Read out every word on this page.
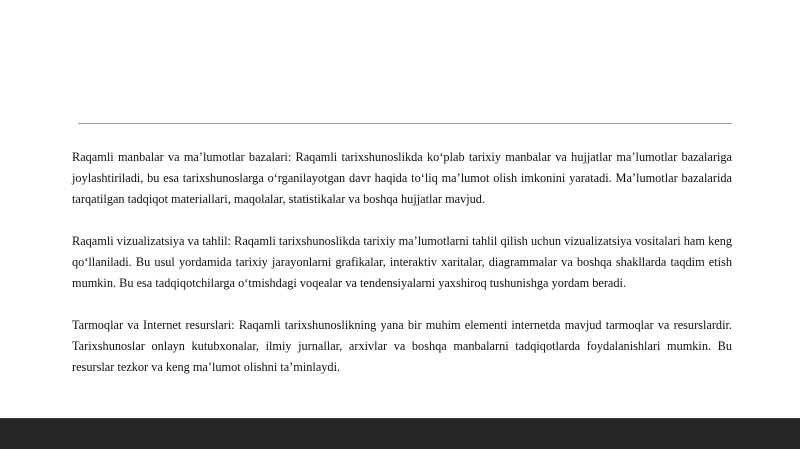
Raqamli manbalar va ma’lumotlar bazalari: Raqamli tarixshunoslikda ko‘plab tarixiy manbalar va hujjatlar ma’lumotlar bazalariga joylashtiriladi, bu esa tarixshunoslarga o‘rganilayotgan davr haqida to‘liq ma’lumot olish imkonini yaratadi. Ma’lumotlar bazalarida tarqatilgan tadqiqot materiallari, maqolalar, statistikalar va boshqa hujjatlar mavjud.

Raqamli vizualizatsiya va tahlil: Raqamli tarixshunoslikda tarixiy ma’lumotlarni tahlil qilish uchun vizualizatsiya vositalari ham keng qo‘llaniladi. Bu usul yordamida tarixiy jarayonlarni grafikalar, interaktiv xaritalar, diagrammalar va boshqa shakllarda taqdim etish mumkin. Bu esa tadqiqotchilarga o‘tmishdagi voqealar va tendensiyalarni yaxshiroq tushunishga yordam beradi.

Tarmoqlar va Internet resurslari: Raqamli tarixshunoslikning yana bir muhim elementi internetda mavjud tarmoqlar va resurslardir. Tarixshunoslar onlayn kutubxonalar, ilmiy jurnallar, arxivlar va boshqa manbalarni tadqiqotlarda foydalanishlari mumkin. Bu resurslar tezkor va keng ma’lumot olishni ta’minlaydi.
